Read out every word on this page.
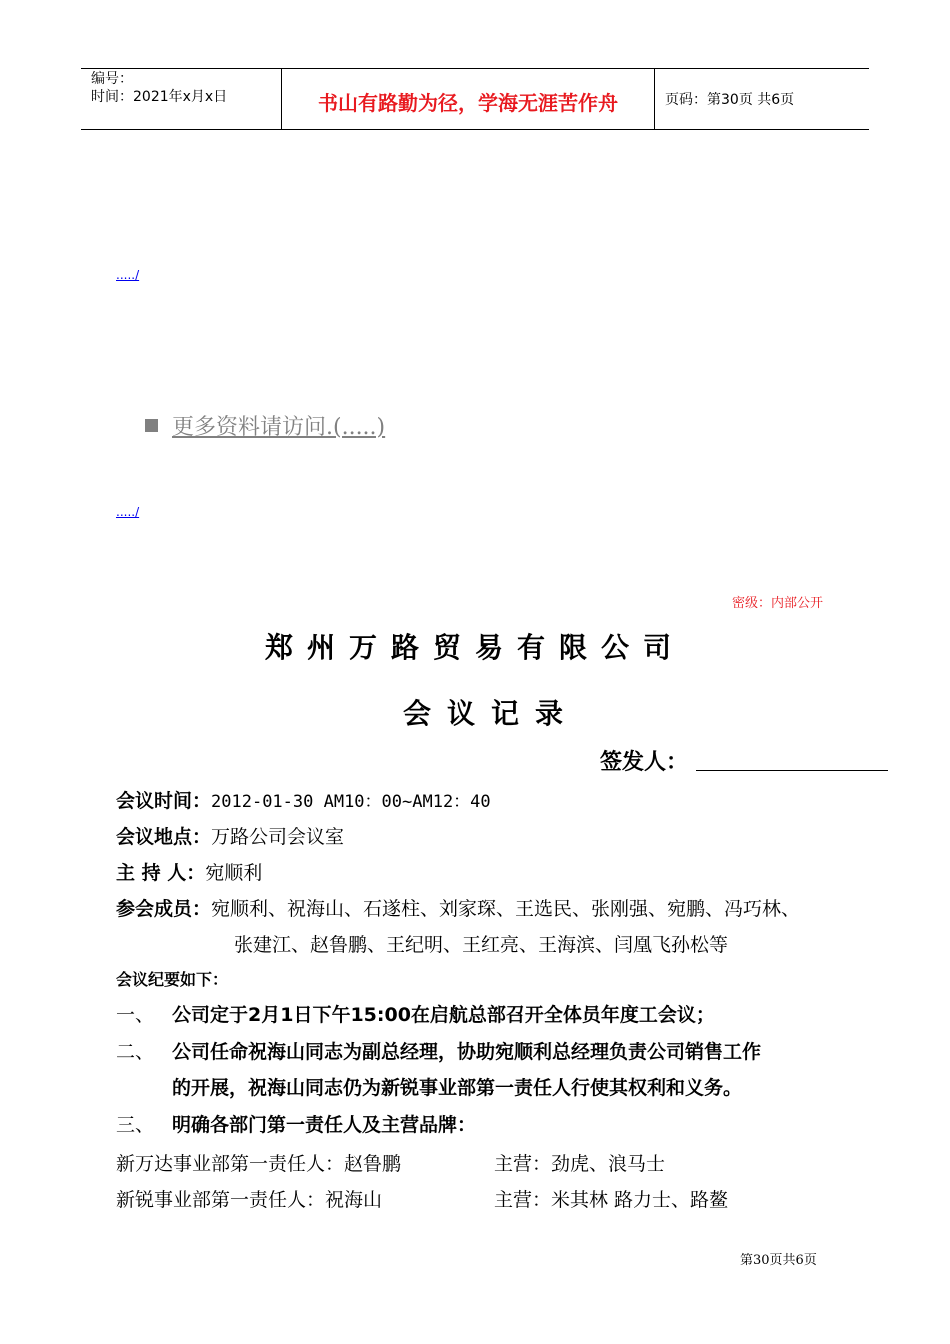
编号：
时间：2021年x月x日	书山有路勤为径，学海无涯苦作舟	页码：第30页 共6页
...../
更多资料请访问.(.....)
...../
密级：内部公开
郑州万路贸易有限公司
会议记录
签发人：
会议时间：2012-01-30 AM10：00~AM12：40
会议地点：万路公司会议室
主 持 人：宛顺利
参会成员：宛顺利、祝海山、石遂柱、刘家琛、王选民、张刚强、宛鹏、冯巧林、
张建江、赵鲁鹏、王纪明、王红亮、王海滨、闫凰飞孙松等
会议纪要如下：
一、 公司定于2月1日下午15:00在启航总部召开全体员年度工会议；
二、 公司任命祝海山同志为副总经理，协助宛顺利总经理负责公司销售工作
的开展，祝海山同志仍为新锐事业部第一责任人行使其权利和义务。
三、 明确各部门第一责任人及主营品牌：
新万达事业部第一责任人：赵鲁鹏	主营：劲虎、浪马士
新锐事业部第一责任人：祝海山	主营：米其林 路力士、路鳌
第30页共6页
